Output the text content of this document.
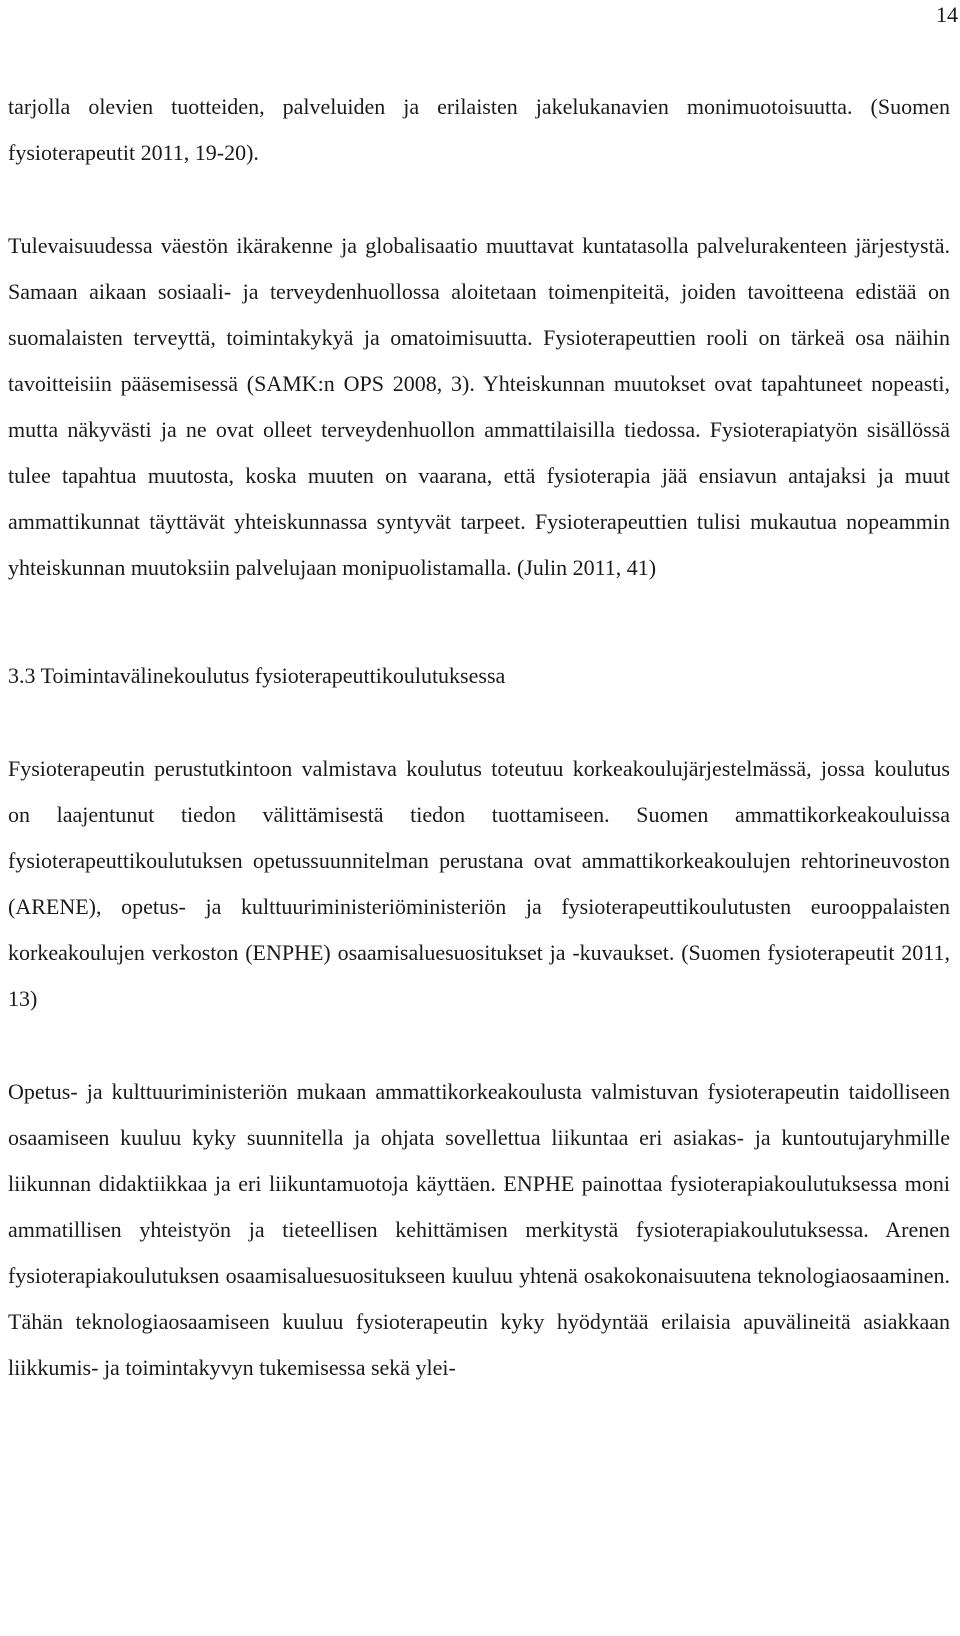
14

tarjolla olevien tuotteiden, palveluiden ja erilaisten jakelukanavien monimuotoisuutta. (Suomen fysioterapeutit 2011, 19-20).

Tulevaisuudessa väestön ikärakenne ja globalisaatio muuttavat kuntatasolla palvelurakenteen järjestystä. Samaan aikaan sosiaali- ja terveydenhuollossa aloitetaan toimenpiteitä, joiden tavoitteena edistää on suomalaisten terveyttä, toimintakykyä ja omatoimisuutta. Fysioterapeuttien rooli on tärkeä osa näihin tavoitteisiin pääsemisessä (SAMK:n OPS 2008, 3). Yhteiskunnan muutokset ovat tapahtuneet nopeasti, mutta näkyvästi ja ne ovat olleet terveydenhuollon ammattilaisilla tiedossa. Fysioterapiatyön sisällössä tulee tapahtua muutosta, koska muuten on vaarana, että fysioterapia jää ensiavun antajaksi ja muut ammattikunnat täyttävät yhteiskunnassa syntyvät tarpeet. Fysioterapeuttien tulisi mukautua nopeammin yhteiskunnan muutoksiin palvelujaan monipuolistamalla. (Julin 2011, 41)

3.3 Toimintavälinekoulutus fysioterapeuttikoulutuksessa

Fysioterapeutin perustutkintoon valmistava koulutus toteutuu korkeakoulujärjestelmässä, jossa koulutus on laajentunut tiedon välittämisestä tiedon tuottamiseen. Suomen ammattikorkeakouluissa fysioterapeuttikoulutuksen opetussuunnitelman perustana ovat ammattikorkeakoulujen rehtorineuvoston (ARENE), opetus- ja kulttuuriministeriöministeriön ja fysioterapeuttikoulutusten eurooppalaisten korkeakoulujen verkoston (ENPHE) osaamisaluesuositukset ja -kuvaukset. (Suomen fysioterapeutit 2011, 13)

Opetus- ja kulttuuriministeriön mukaan ammattikorkeakoulusta valmistuvan fysioterapeutin taidolliseen osaamiseen kuuluu kyky suunnitella ja ohjata sovellettua liikuntaa eri asiakas- ja kuntoutujaryhmille liikunnan didaktiikkaa ja eri liikuntamuotoja käyttäen. ENPHE painottaa fysioterapiakoulutuksessa moni ammatillisen yhteistyön ja tieteellisen kehittämisen merkitystä fysioterapiakoulutuksessa. Arenen fysioterapiakoulutuksen osaamisaluesuositukseen kuuluu yhtenä osakokonaisuutena teknologiaosaaminen. Tähän teknologiaosaamiseen kuuluu fysioterapeutin kyky hyödyntää erilaisia apuvälineitä asiakkaan liikkumis- ja toimintakyvyn tukemisessa sekä ylei-
